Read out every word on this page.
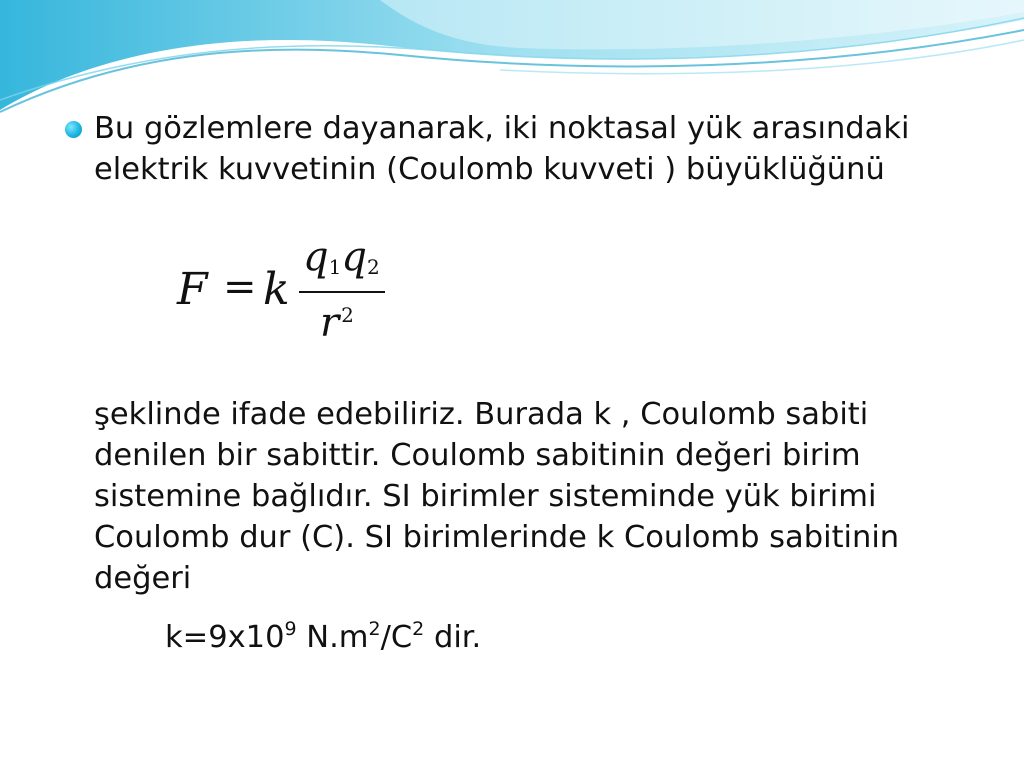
Bu gözlemlere dayanarak, iki noktasal yük arasındaki elektrik kuvvetinin (Coulomb kuvveti ) büyüklüğünü
F = k
$q_1q_2$
r $^2$
şeklinde ifade edebiliriz. Burada k , Coulomb sabiti denilen bir sabittir. Coulomb sabitinin değeri birim sistemine bağlıdır. SI birimler sisteminde yük birimi Coulomb dur (C). SI birimlerinde k Coulomb sabitinin değeri
$k=9x10^9$ $N.m^2/C^2$ dir.
